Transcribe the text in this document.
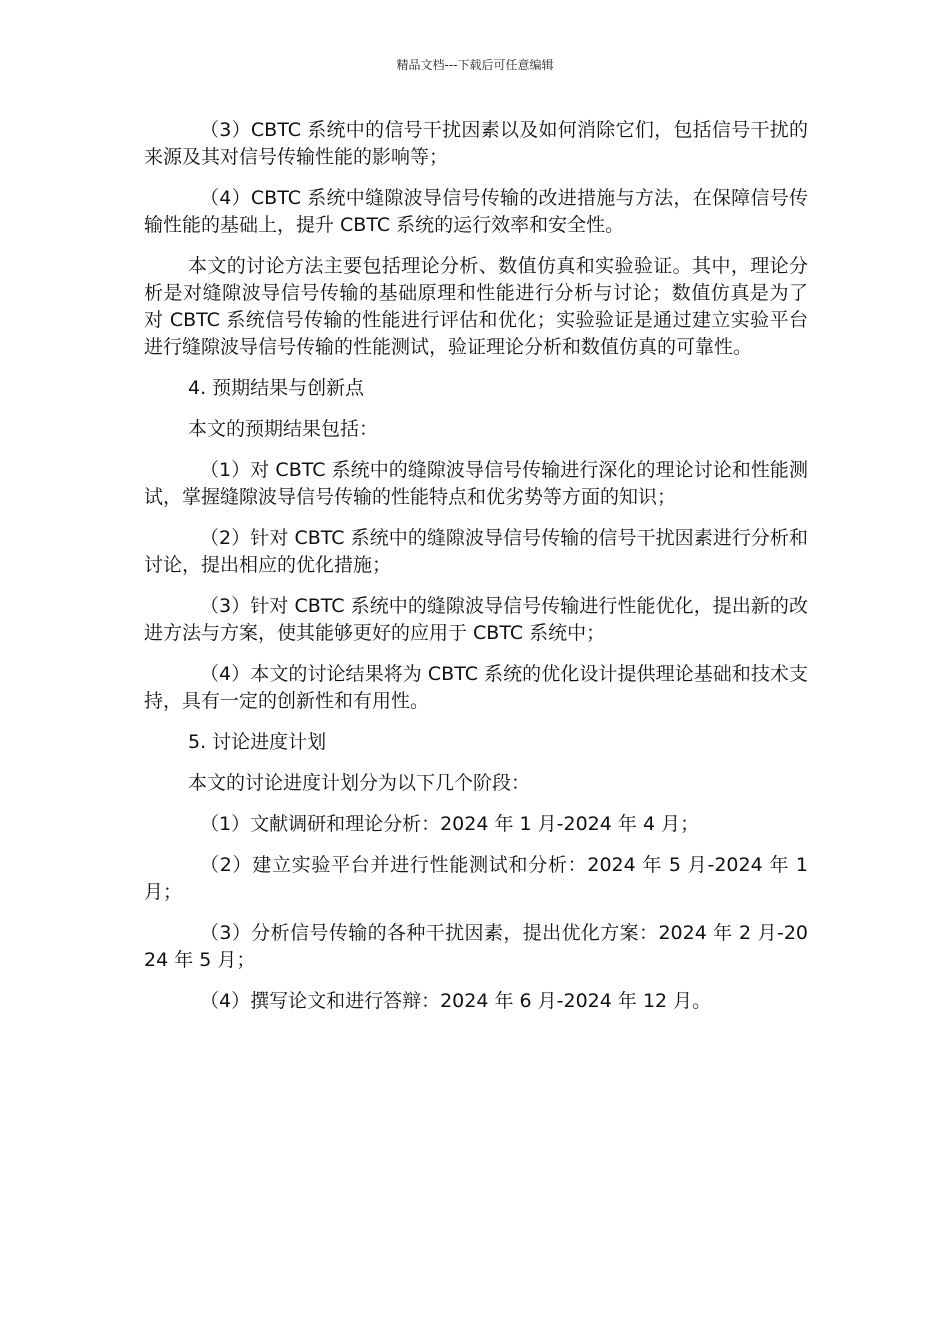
精品文档---下载后可任意编辑

（3）CBTC 系统中的信号干扰因素以及如何消除它们，包括信号干扰的来源及其对信号传输性能的影响等；

（4）CBTC 系统中缝隙波导信号传输的改进措施与方法，在保障信号传输性能的基础上，提升 CBTC 系统的运行效率和安全性。

本文的讨论方法主要包括理论分析、数值仿真和实验验证。其中，理论分析是对缝隙波导信号传输的基础原理和性能进行分析与讨论；数值仿真是为了对 CBTC 系统信号传输的性能进行评估和优化；实验验证是通过建立实验平台进行缝隙波导信号传输的性能测试，验证理论分析和数值仿真的可靠性。

4. 预期结果与创新点

本文的预期结果包括：

（1）对 CBTC 系统中的缝隙波导信号传输进行深化的理论讨论和性能测试，掌握缝隙波导信号传输的性能特点和优劣势等方面的知识；

（2）针对 CBTC 系统中的缝隙波导信号传输的信号干扰因素进行分析和讨论，提出相应的优化措施；

（3）针对 CBTC 系统中的缝隙波导信号传输进行性能优化，提出新的改进方法与方案，使其能够更好的应用于 CBTC 系统中；

（4）本文的讨论结果将为 CBTC 系统的优化设计提供理论基础和技术支持，具有一定的创新性和有用性。

5. 讨论进度计划

本文的讨论进度计划分为以下几个阶段：

（1）文献调研和理论分析：2024 年 1 月-2024 年 4 月；

（2）建立实验平台并进行性能测试和分析：2024 年 5 月-2024 年 1 月；

（3）分析信号传输的各种干扰因素，提出优化方案：2024 年 2 月-2024 年 5 月；

（4）撰写论文和进行答辩：2024 年 6 月-2024 年 12 月。
